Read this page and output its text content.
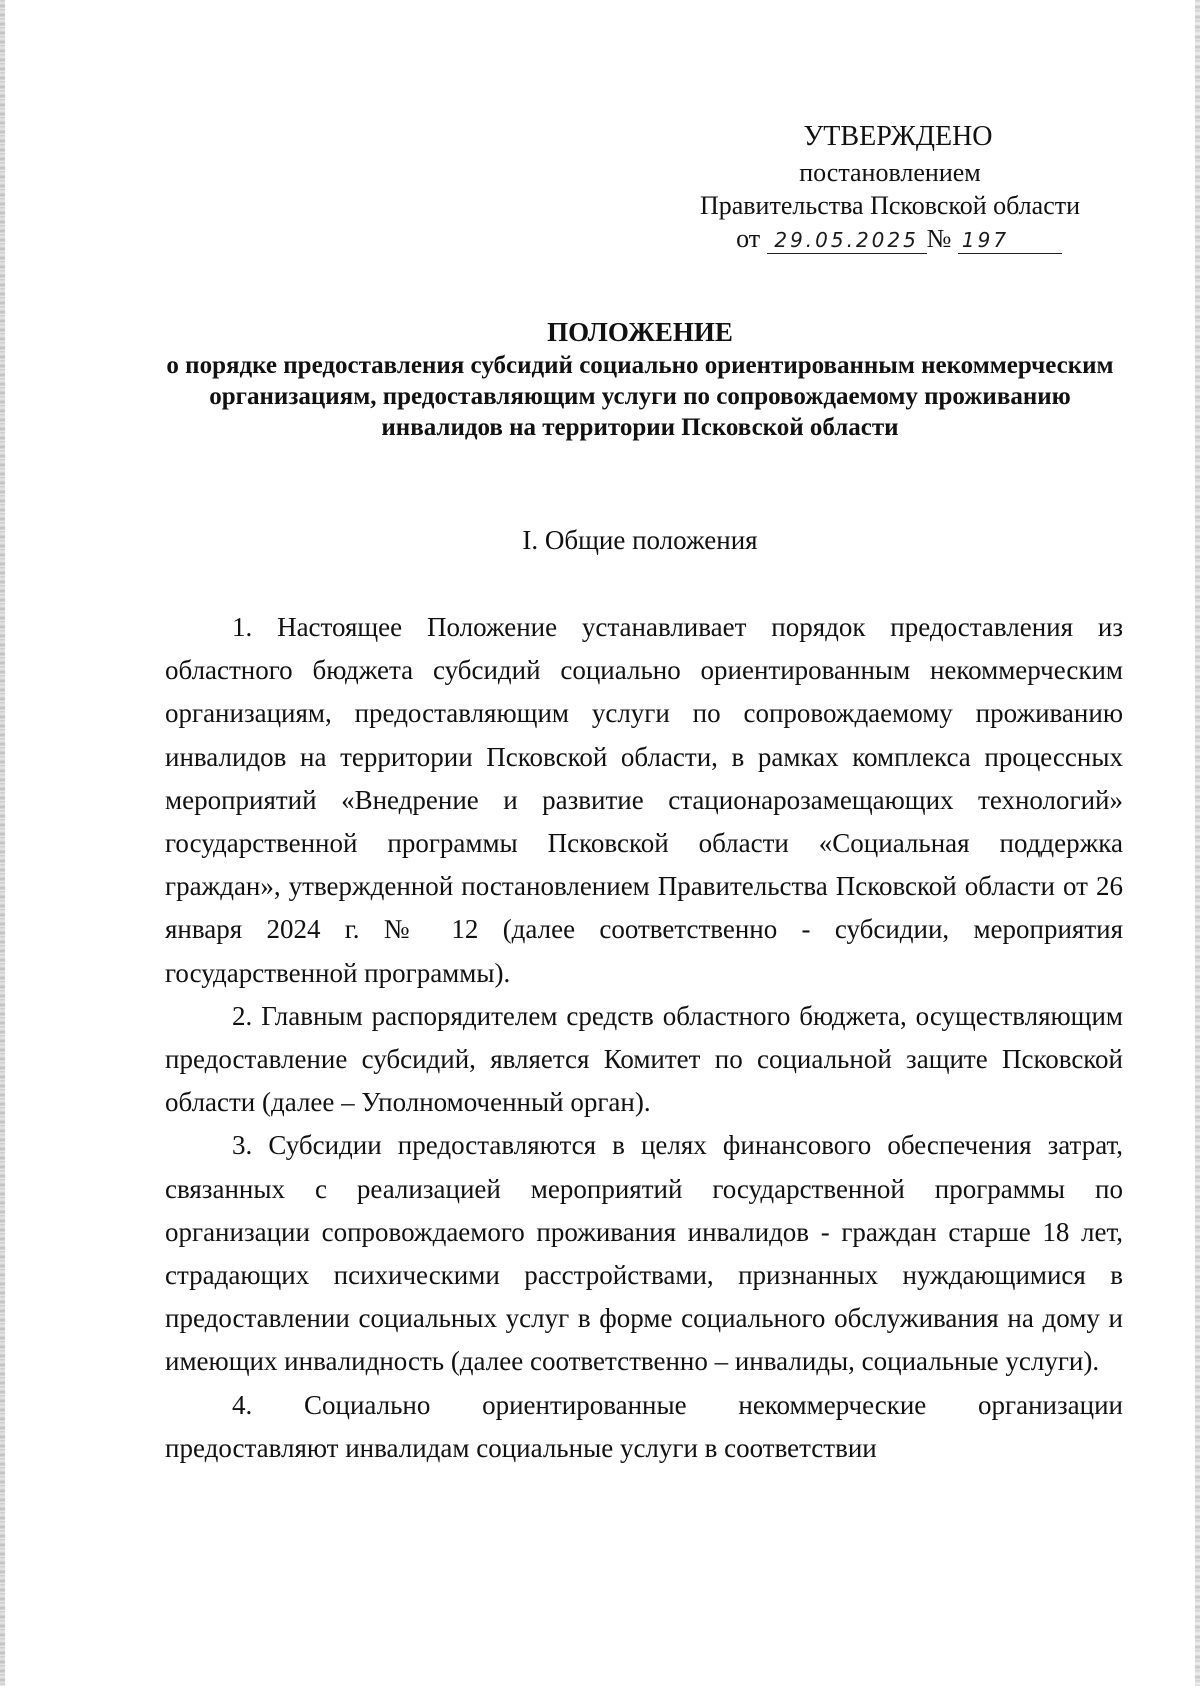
УТВЕРЖДЕНО
постановлением
Правительства Псковской области
от 29.05.2025 № 197
ПОЛОЖЕНИЕ
о порядке предоставления субсидий социально ориентированным некоммерческим организациям, предоставляющим услуги по сопровождаемому проживанию инвалидов на территории Псковской области
I. Общие положения

1. Настоящее Положение устанавливает порядок предоставления из областного бюджета субсидий социально ориентированным некоммерческим организациям, предоставляющим услуги по сопровождаемому проживанию инвалидов на территории Псковской области, в рамках комплекса процессных мероприятий «Внедрение и развитие стационарозамещающих технологий» государственной программы Псковской области «Социальная поддержка граждан», утвержденной постановлением Правительства Псковской области от 26 января 2024 г. № 12 (далее соответственно - субсидии, мероприятия государственной программы).

2. Главным распорядителем средств областного бюджета, осуществляющим предоставление субсидий, является Комитет по социальной защите Псковской области (далее – Уполномоченный орган).

3. Субсидии предоставляются в целях финансового обеспечения затрат, связанных с реализацией мероприятий государственной программы по организации сопровождаемого проживания инвалидов - граждан старше 18 лет, страдающих психическими расстройствами, признанных нуждающимися в предоставлении социальных услуг в форме социального обслуживания на дому и имеющих инвалидность (далее соответственно – инвалиды, социальные услуги).

4. Социально ориентированные некоммерческие организации предоставляют инвалидам социальные услуги в соответствии
